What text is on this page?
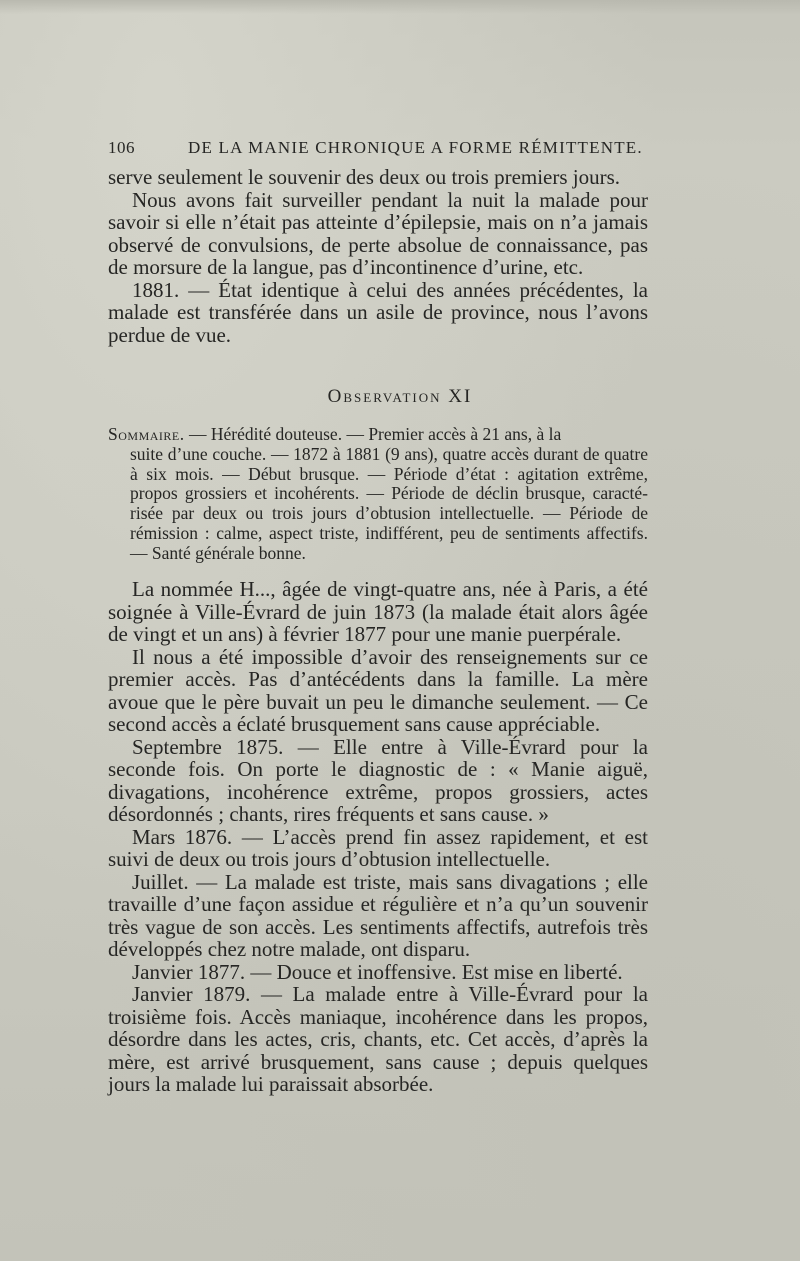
106	DE LA MANIE CHRONIQUE A FORME RÉMITTENTE.

serve seulement le souvenir des deux ou trois premiers jours.

Nous avons fait surveiller pendant la nuit la malade pour savoir si elle n’était pas atteinte d’épilepsie, mais on n’a jamais observé de convulsions, de perte absolue de connaissance, pas de morsure de la langue, pas d’incontinence d’urine, etc.

1881. — État identique à celui des années précédentes, la malade est transférée dans un asile de province, nous l’avons perdue de vue.

Observation XI

Sommaire. — Hérédité douteuse. — Premier accès à 21 ans, à la
suite d’une couche. — 1872 à 1881 (9 ans), quatre accès durant de quatre à six mois. — Début brusque. — Période d’état : agitation extrême, propos grossiers et incohérents. — Période de déclin brusque, caractérisée par deux ou trois jours d’obtusion intellectuelle. — Période de rémission : calme, aspect triste, indifférent, peu de sentiments affectifs. — Santé générale bonne.

La nommée H..., âgée de vingt-quatre ans, née à Paris, a été soignée à Ville-Évrard de juin 1873 (la malade était alors âgée de vingt et un ans) à février 1877 pour une manie puerpérale.

Il nous a été impossible d’avoir des renseignements sur ce premier accès. Pas d’antécédents dans la famille. La mère avoue que le père buvait un peu le dimanche seulement. — Ce second accès a éclaté brusquement sans cause appréciable.

Septembre 1875. — Elle entre à Ville-Évrard pour la seconde fois. On porte le diagnostic de : « Manie aiguë, divagations, incohérence extrême, propos grossiers, actes désordonnés ; chants, rires fréquents et sans cause. »

Mars 1876. — L’accès prend fin assez rapidement, et est suivi de deux ou trois jours d’obtusion intellectuelle.

Juillet. — La malade est triste, mais sans divagations ; elle travaille d’une façon assidue et régulière et n’a qu’un souvenir très vague de son accès. Les sentiments affectifs, autrefois très développés chez notre malade, ont disparu.

Janvier 1877. — Douce et inoffensive. Est mise en liberté.

Janvier 1879. — La malade entre à Ville-Évrard pour la troisième fois. Accès maniaque, incohérence dans les propos, désordre dans les actes, cris, chants, etc. Cet accès, d’après la mère, est arrivé brusquement, sans cause ; depuis quelques jours la malade lui paraissait absorbée.
